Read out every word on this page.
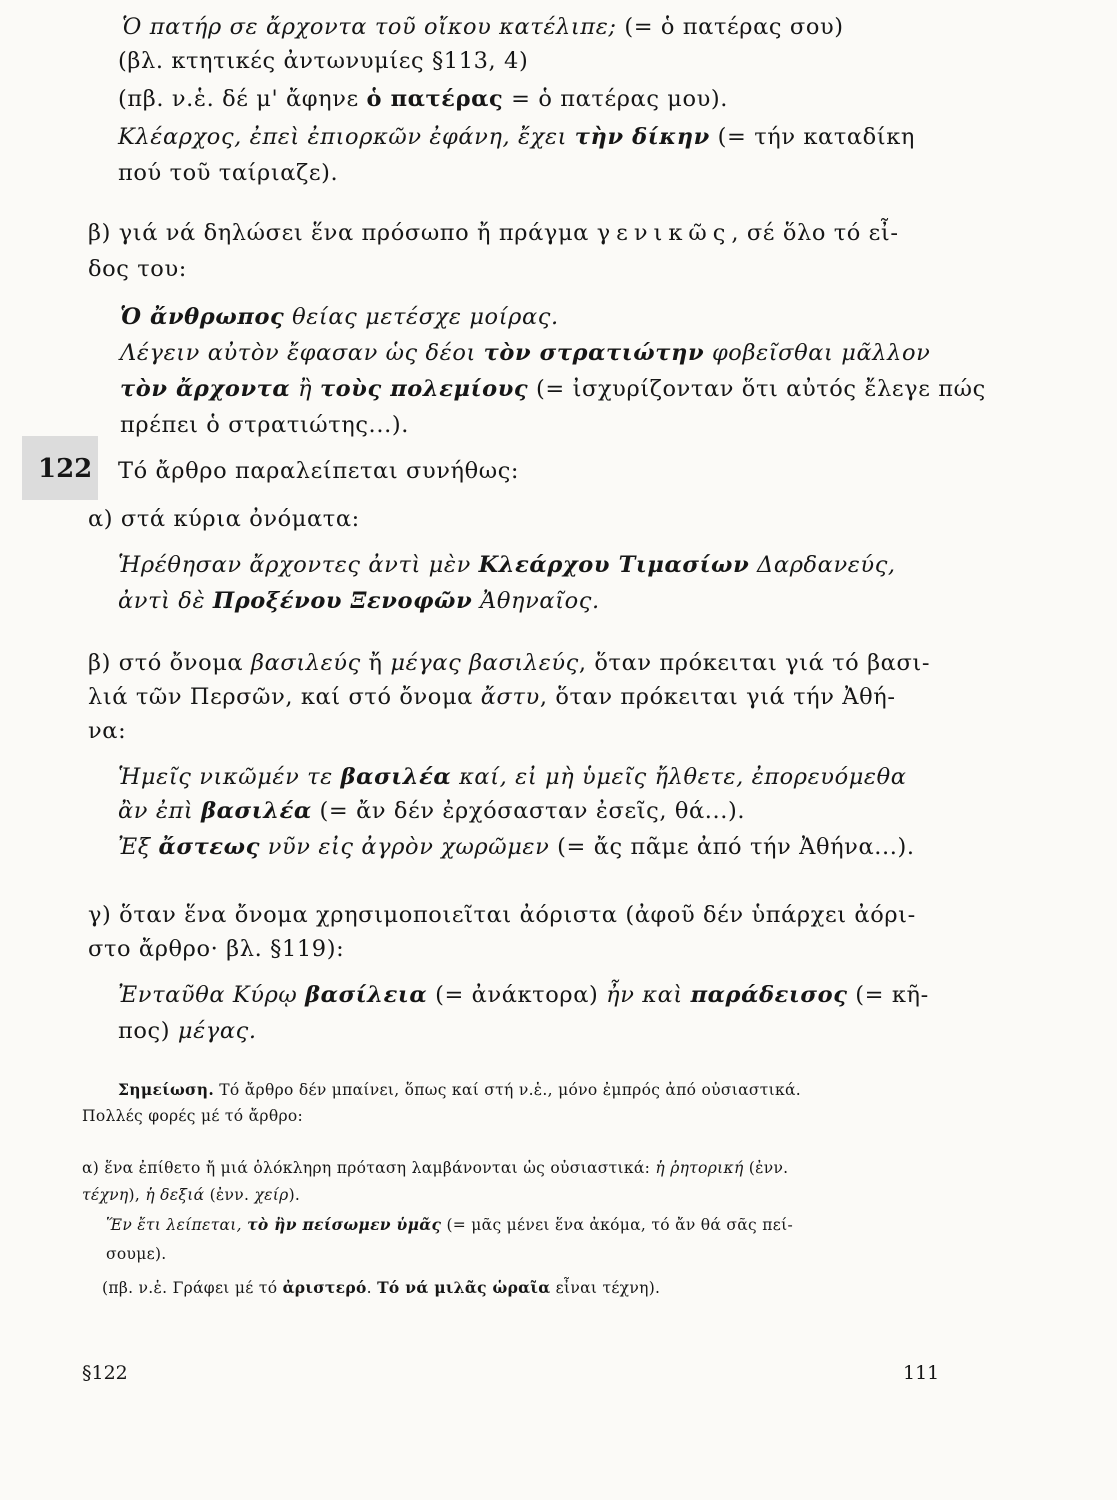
Ὁ πατήρ σε ἄρχοντα τοῦ οἴκου κατέλιπε; (= ὁ πατέρας σου)
(βλ. κτητικές ἀντωνυμίες §113, 4)
(πβ. ν.ἑ. δέ μ' ἄφηνε ὁ πατέρας = ὁ πατέρας μου).
Κλέαρχος, ἐπεὶ ἐπιορκῶν ἐφάνη, ἔχει τὴν δίκην (= τήν καταδίκη
πού τοῦ ταίριαζε).
β) γιά νά δηλώσει ἕνα πρόσωπο ἤ πράγμα γενικῶς, σέ ὅλο τό εἶ-
δος του:
Ὁ ἄνθρωπος θείας μετέσχε μοίρας.
Λέγειν αὐτὸν ἔφασαν ὡς δέοι τὸν στρατιώτην φοβεῖσθαι μᾶλλον
τὸν ἄρχοντα ἢ τοὺς πολεμίους (= ἰσχυρίζονταν ὅτι αὐτός ἔλεγε πώς
πρέπει ὁ στρατιώτης...).
122 Τό ἄρθρο παραλείπεται συνήθως:
α) στά κύρια ὀνόματα:
Ἡρέθησαν ἄρχοντες ἀντὶ μὲν Κλεάρχου Τιμασίων Δαρδανεύς,
ἀντὶ δὲ Προξένου Ξενοφῶν Ἀθηναῖος.
β) στό ὄνομα βασιλεύς ἤ μέγας βασιλεύς, ὅταν πρόκειται γιά τό βασι-
λιά τῶν Περσῶν, καί στό ὄνομα ἄστυ, ὅταν πρόκειται γιά τήν Ἀθή-
να:
Ἡμεῖς νικῶμέν τε βασιλέα καί, εἰ μὴ ὑμεῖς ἤλθετε, ἐπορευόμεθα
ἂν ἐπὶ βασιλέα (= ἄν δέν ἐρχόσασταν ἐσεῖς, θά...).
Ἐξ ἄστεως νῦν εἰς ἀγρὸν χωρῶμεν (= ἄς πᾶμε ἀπό τήν Ἀθήνα...).
γ) ὅταν ἕνα ὄνομα χρησιμοποιεῖται ἀόριστα (ἀφοῦ δέν ὑπάρχει ἀόρι-
στο ἄρθρο· βλ. §119):
Ἐνταῦθα Κύρῳ βασίλεια (= ἀνάκτορα) ἦν καὶ παράδεισος (= κῆ-
πος) μέγας.
Σημείωση. Τό ἄρθρο δέν μπαίνει, ὅπως καί στή ν.ἑ., μόνο ἐμπρός ἀπό οὐσιαστικά.
Πολλές φορές μέ τό ἄρθρο:
α) ἕνα ἐπίθετο ἤ μιά ὁλόκληρη πρόταση λαμβάνονται ὡς οὐσιαστικά: ἡ ῥητορική (ἐνν.
τέχνη), ἡ δεξιά (ἐνν. χείρ).
Ἕν ἔτι λείπεται, τὸ ἢν πείσωμεν ὑμᾶς (= μᾶς μένει ἕνα ἀκόμα, τό ἄν θά σᾶς πεί-
σουμε).
(πβ. ν.ἑ. Γράφει μέ τό ἀριστερό. Τό νά μιλᾶς ὡραῖα εἶναι τέχνη).
§122	111
